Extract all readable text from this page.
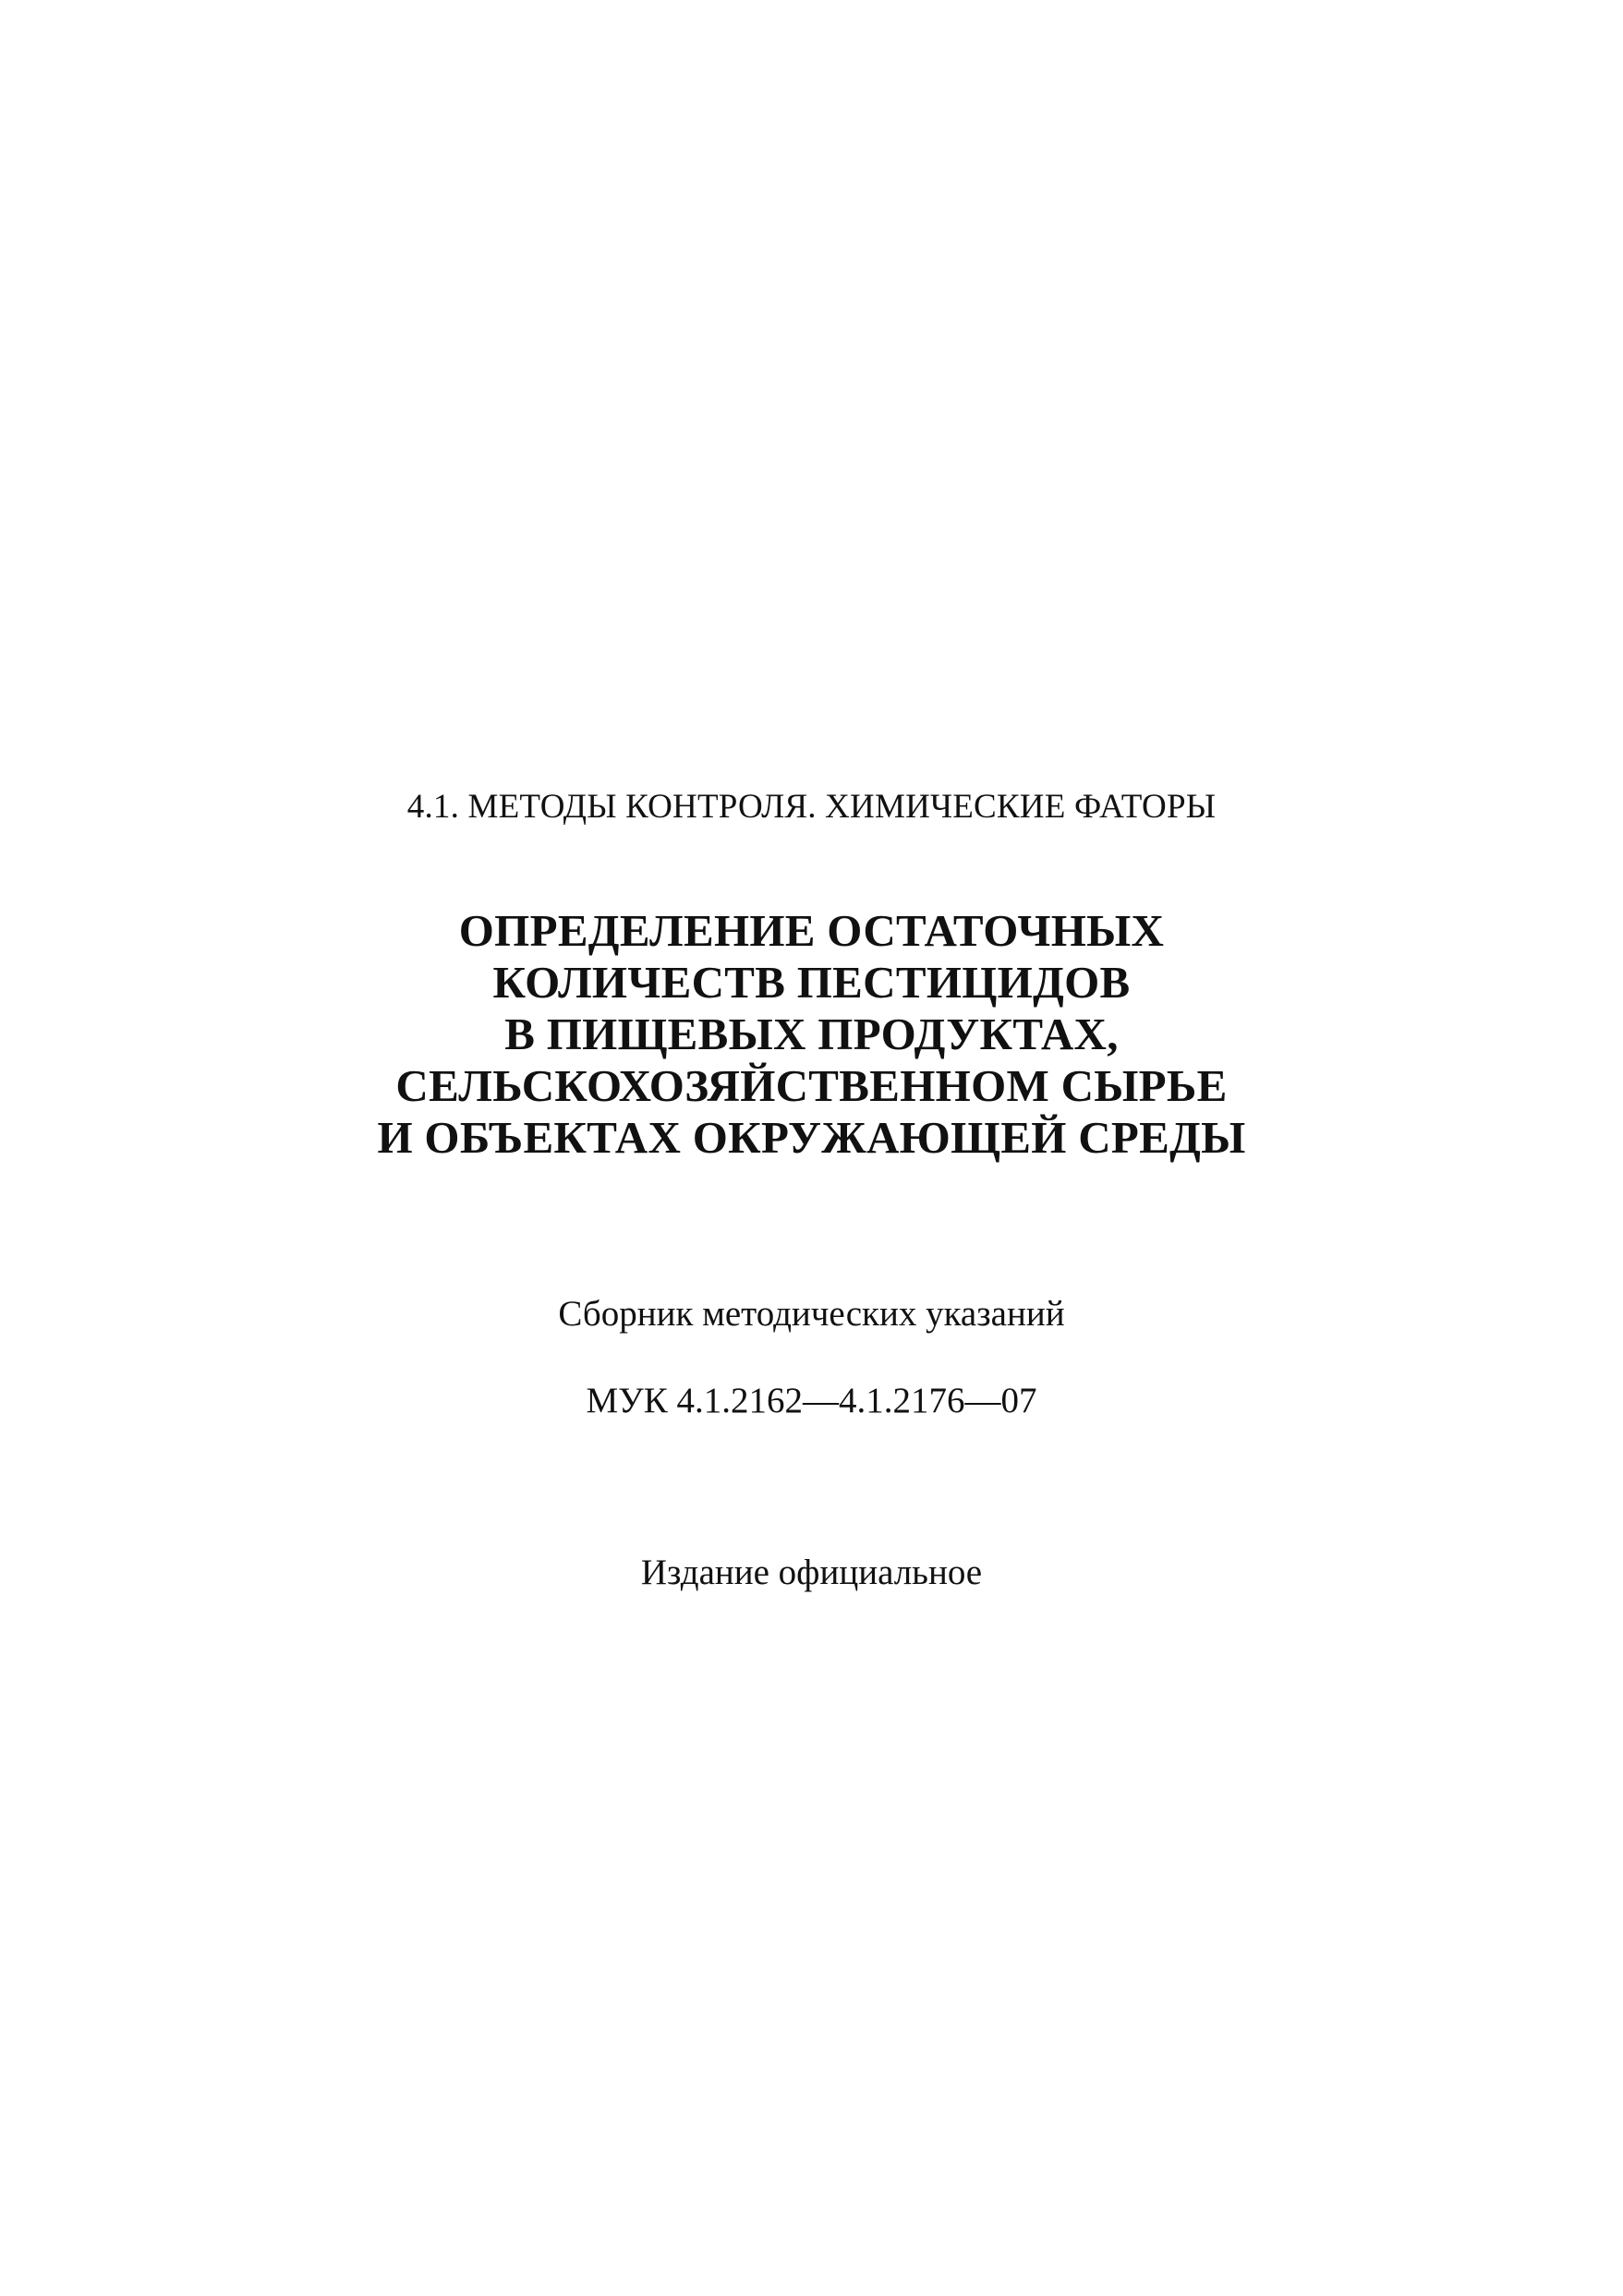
4.1. МЕТОДЫ КОНТРОЛЯ. ХИМИЧЕСКИЕ ФАТОРЫ

ОПРЕДЕЛЕНИЕ ОСТАТОЧНЫХ
КОЛИЧЕСТВ ПЕСТИЦИДОВ
В ПИЩЕВЫХ ПРОДУКТАХ,
СЕЛЬСКОХОЗЯЙСТВЕННОМ СЫРЬЕ
И ОБЪЕКТАХ ОКРУЖАЮЩЕЙ СРЕДЫ

Сборник методических указаний

МУК 4.1.2162—4.1.2176—07

Издание официальное
